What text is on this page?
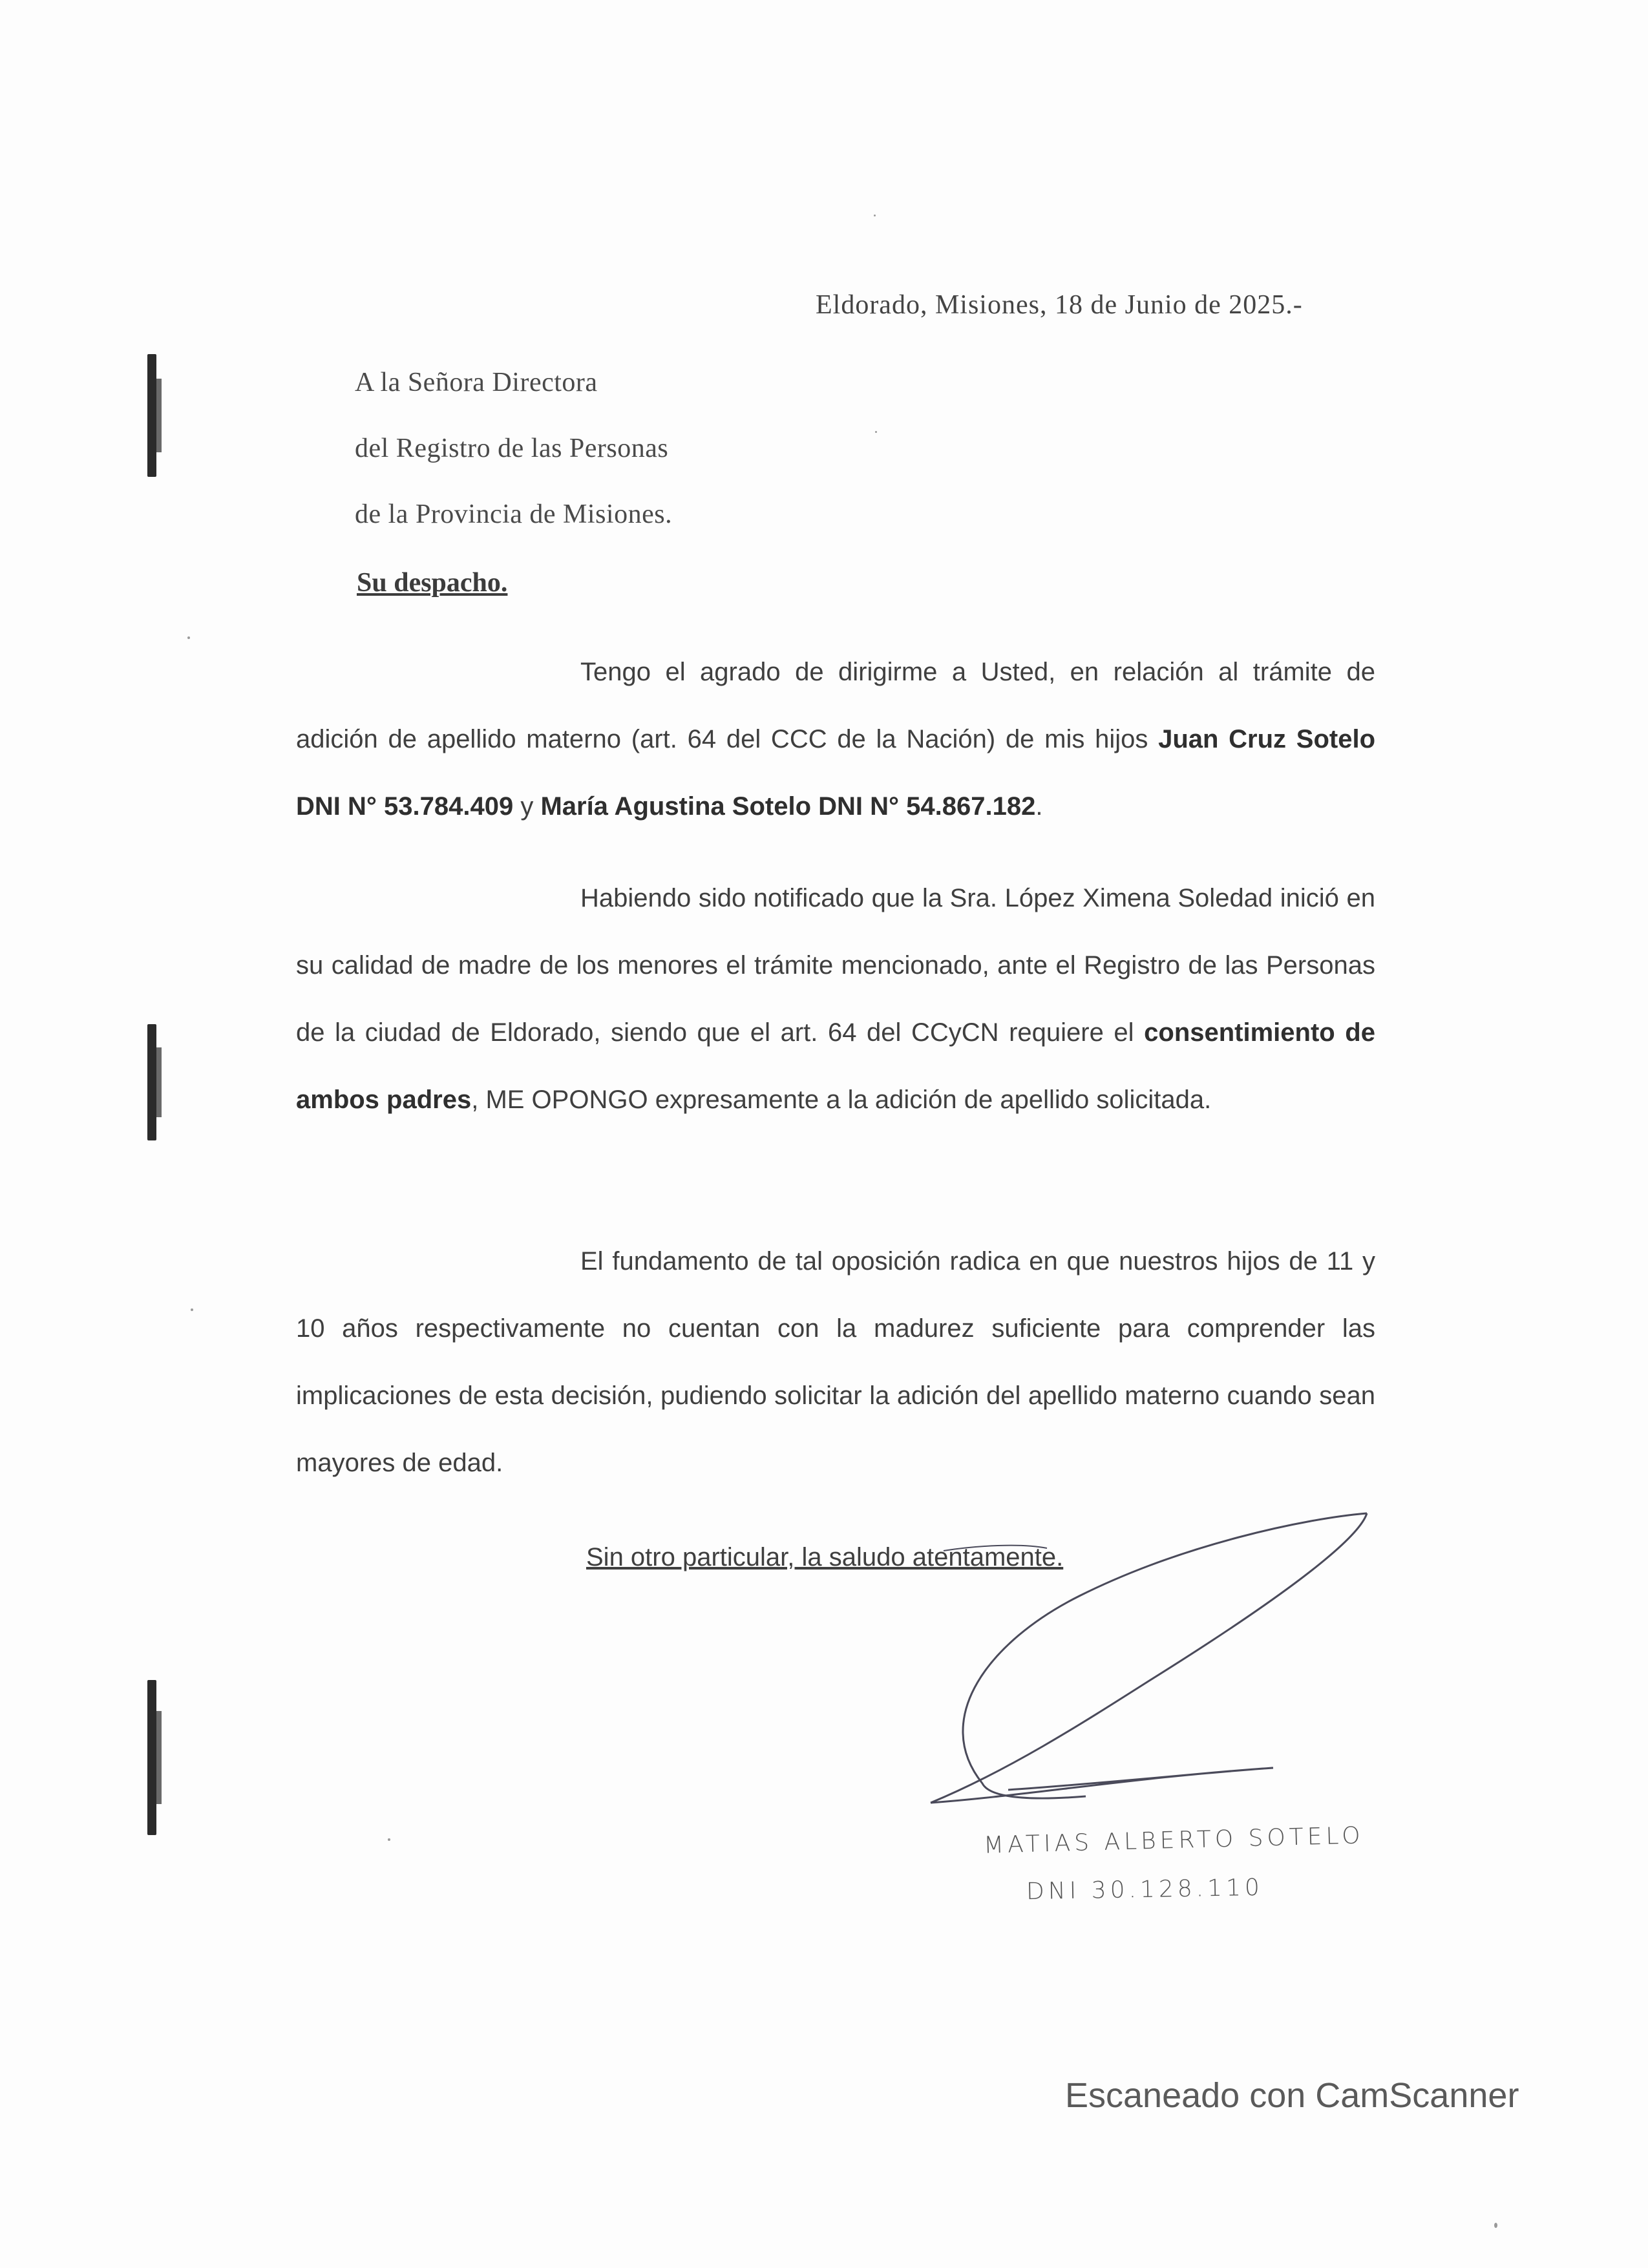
Eldorado, Misiones, 18 de Junio de 2025.-
A la Señora Directora
del Registro de las Personas
de la Provincia de Misiones.
Su despacho.
Tengo el agrado de dirigirme a Usted, en relación al trámite de adición de apellido materno (art. 64 del CCC de la Nación) de mis hijos Juan Cruz Sotelo DNI N° 53.784.409 y María Agustina Sotelo DNI N° 54.867.182.
Habiendo sido notificado que la Sra. López Ximena Soledad inició en su calidad de madre de los menores el trámite mencionado, ante el Registro de las Personas de la ciudad de Eldorado, siendo que el art. 64 del CCyCN requiere el consentimiento de ambos padres, ME OPONGO expresamente a la adición de apellido solicitada.
El fundamento de tal oposición radica en que nuestros hijos de 11 y 10 años respectivamente no cuentan con la madurez suficiente para comprender las implicaciones de esta decisión, pudiendo solicitar la adición del apellido materno cuando sean mayores de edad.
Sin otro particular, la saludo atentamente.
MATIAS ALBERTO SOTELO
DNI 30.128.110
Escaneado con CamScanner
